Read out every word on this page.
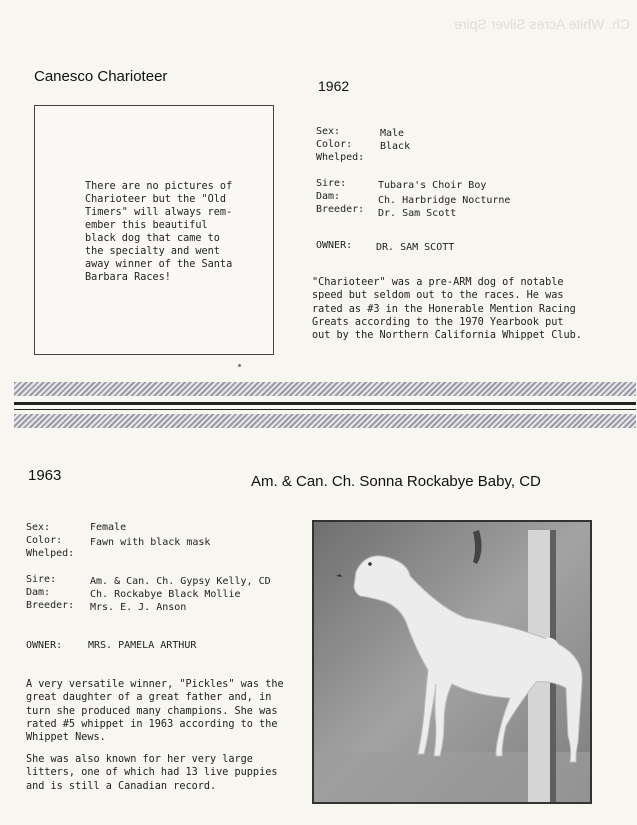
Ch. White Acres Silver Spire
Canesco Charioteer
1962
There are no pictures of
Charioteer but the "Old
Timers" will always rem-
ember this beautiful
black dog that came to
the specialty and went
away winner of the Santa
Barbara Races!
Sex:	Male
Color:	Black
Whelped:
Sire:	Tubara's Choir Boy
Dam:	Ch. Harbridge Nocturne
Breeder: Dr. Sam Scott
OWNER: DR. SAM SCOTT
"Charioteer" was a pre-ARM dog of notable
speed but seldom out to the races. He was
rated as #3 in the Honerable Mention Racing
Greats according to the 1970 Yearbook put
out by the Northern California Whippet Club.
1963	Am. & Can. Ch. Sonna Rockabye Baby, CD
Sex:	Female
Color:	Fawn with black mask
Whelped:
Sire:	Am. & Can. Ch. Gypsy Kelly, CD
Dam:	Ch. Rockabye Black Mollie
Breeder: Mrs. E. J. Anson
OWNER:	MRS. PAMELA ARTHUR
A very versatile winner, "Pickles" was the
great daughter of a great father and, in
turn she produced many champions. She was
rated #5 whippet in 1963 according to the
Whippet News.
She was also known for her very large
litters, one of which had 13 live puppies
and is still a Canadian record.
